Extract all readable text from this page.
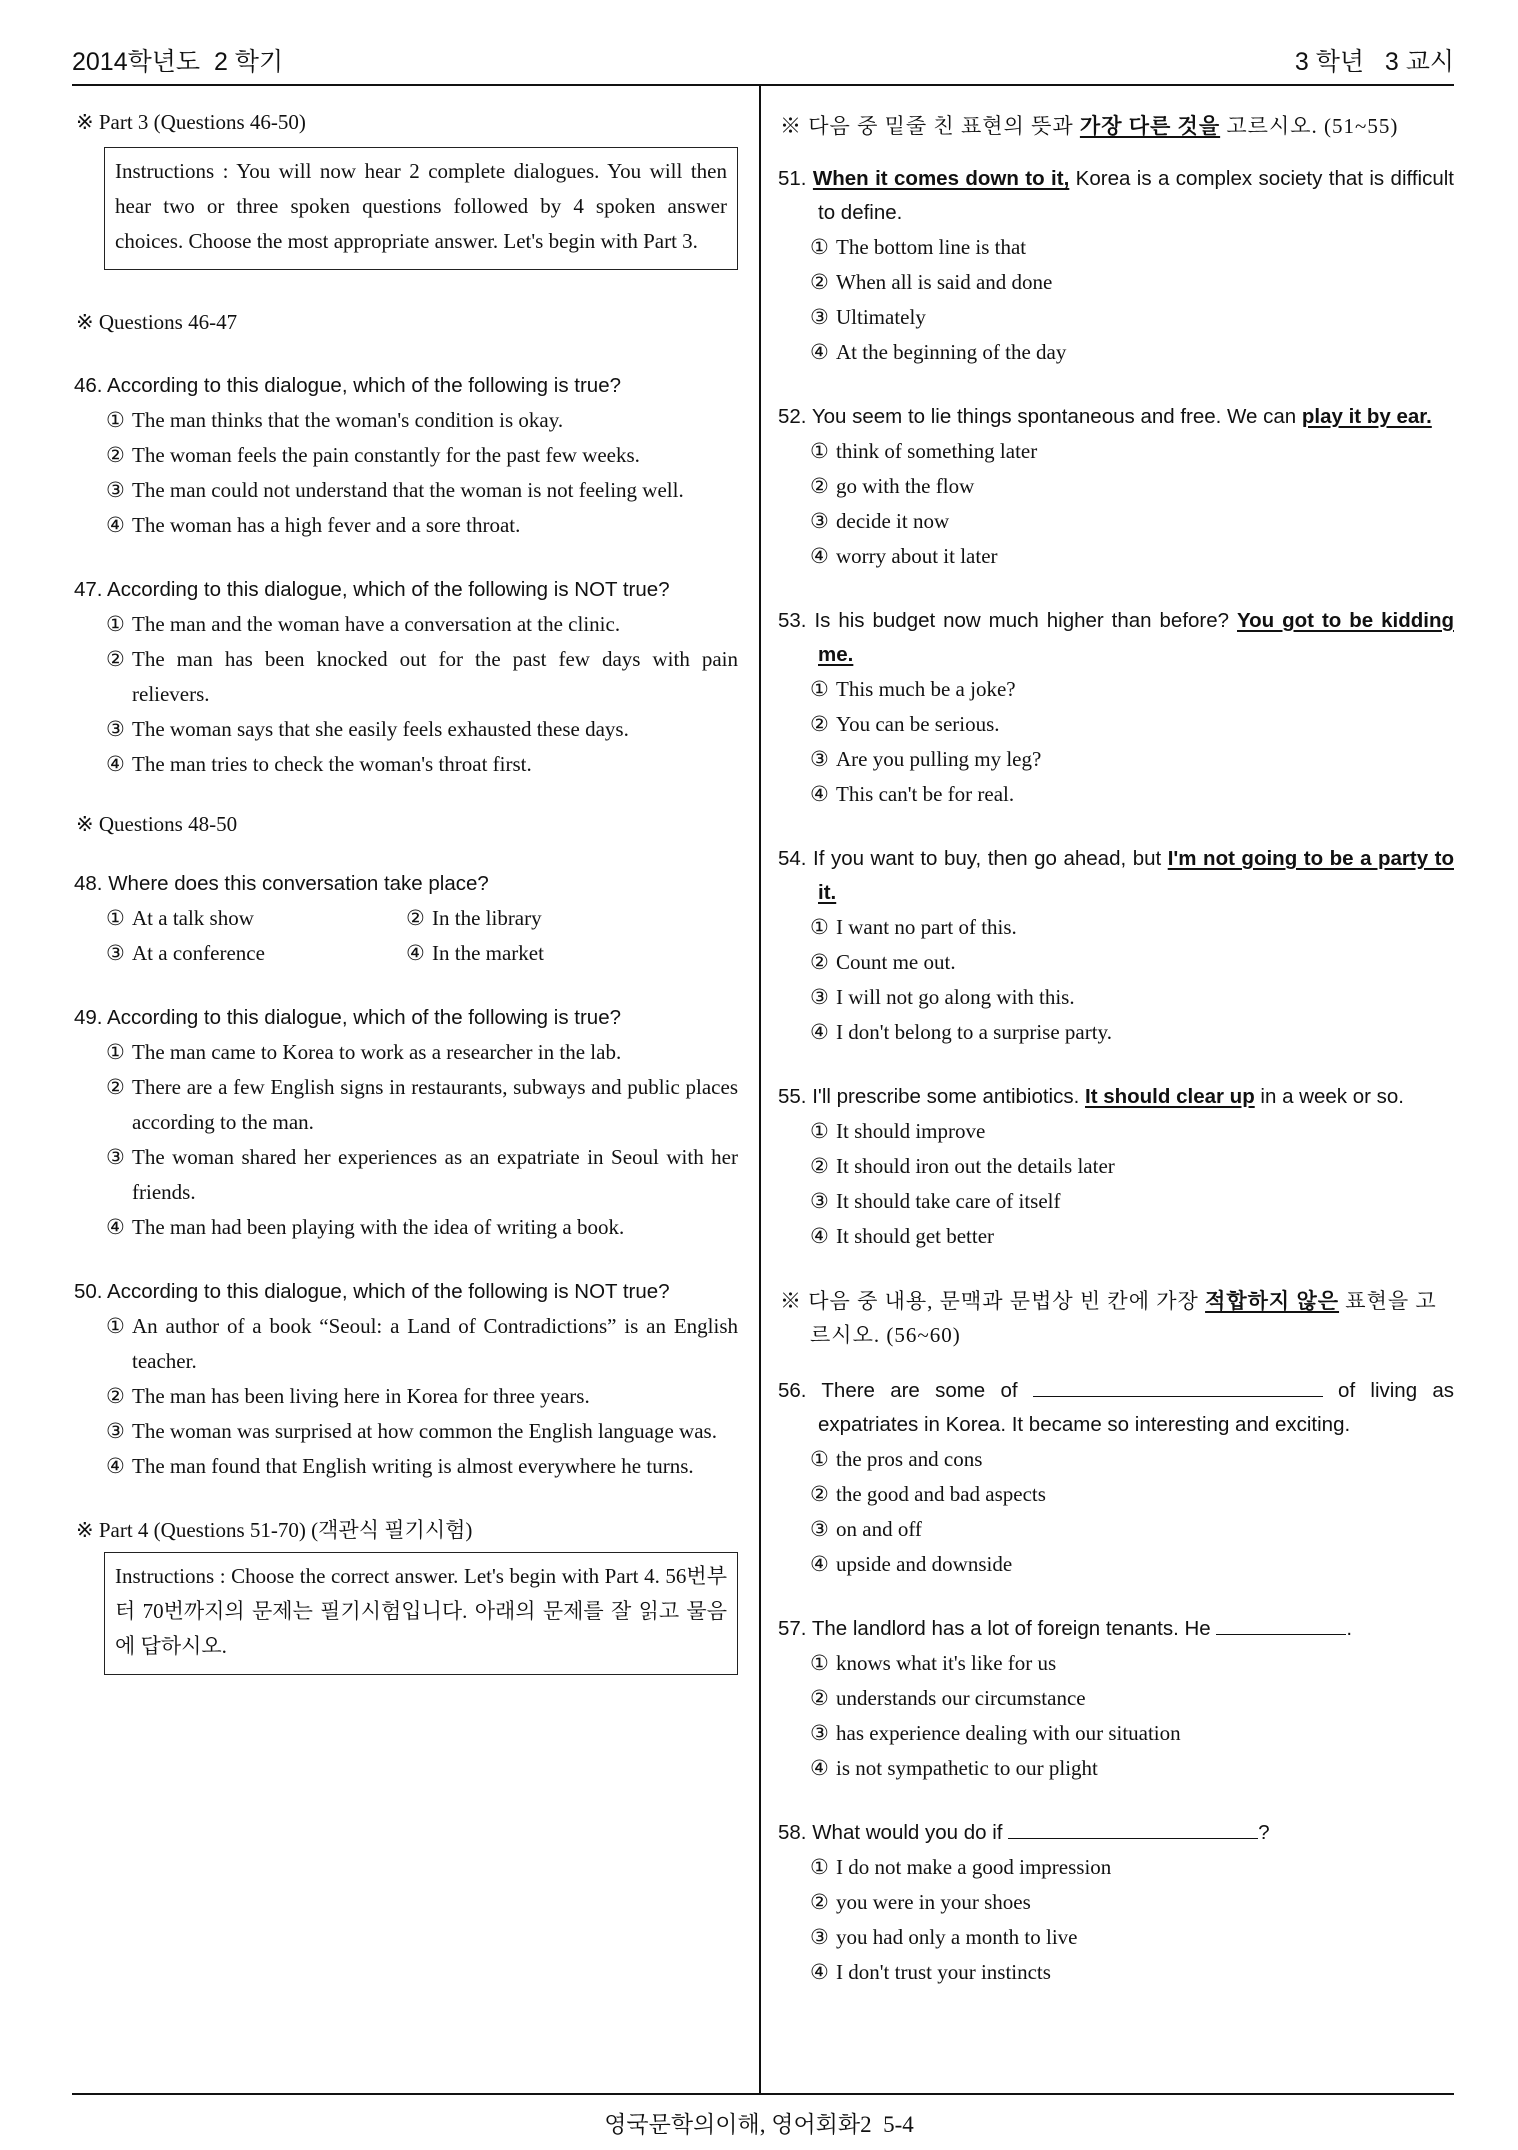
2014학년도  2 학기	3 학년   3 교시
영국문학의이해, 영어회화2  5-4
※ Part 3 (Questions 46-50)
Instructions : You will now hear 2 complete dialogues. You will then hear two or three spoken questions followed by 4 spoken answer choices. Choose the most appropriate answer. Let's begin with Part 3.
※ Questions 46-47
46. According to this dialogue, which of the following is true?
① The man thinks that the woman's condition is okay.
② The woman feels the pain constantly for the past few weeks.
③ The man could not understand that the woman is not feeling well.
④ The woman has a high fever and a sore throat.
47. According to this dialogue, which of the following is NOT true?
① The man and the woman have a conversation at the clinic.
② The man has been knocked out for the past few days with pain relievers.
③ The woman says that she easily feels exhausted these days.
④ The man tries to check the woman's throat first.
※ Questions 48-50
48. Where does this conversation take place?
① At a talk show	② In the library
③ At a conference	④ In the market
49. According to this dialogue, which of the following is true?
① The man came to Korea to work as a researcher in the lab.
② There are a few English signs in restaurants, subways and public places according to the man.
③ The woman shared her experiences as an expatriate in Seoul with her friends.
④ The man had been playing with the idea of writing a book.
50. According to this dialogue, which of the following is NOT true?
① An author of a book “Seoul: a Land of Contradictions” is an English teacher.
② The man has been living here in Korea for three years.
③ The woman was surprised at how common the English language was.
④ The man found that English writing is almost everywhere he turns.
※ Part 4 (Questions 51-70) (객관식 필기시험)
Instructions : Choose the correct answer. Let's begin with Part 4. 56번부터 70번까지의 문제는 필기시험입니다. 아래의 문제를 잘 읽고 물음에 답하시오.
※ 다음 중 밑줄 친 표현의 뜻과 가장 다른 것을 고르시오. (51~55)
51. When it comes down to it, Korea is a complex society that is difficult to define.
① The bottom line is that
② When all is said and done
③ Ultimately
④ At the beginning of the day
52. You seem to lie things spontaneous and free. We can play it by ear.
① think of something later
② go with the flow
③ decide it now
④ worry about it later
53. Is his budget now much higher than before? You got to be kidding me.
① This much be a joke?
② You can be serious.
③ Are you pulling my leg?
④ This can't be for real.
54. If you want to buy, then go ahead, but I'm not going to be a party to it.
① I want no part of this.
② Count me out.
③ I will not go along with this.
④ I don't belong to a surprise party.
55. I'll prescribe some antibiotics. It should clear up in a week or so.
① It should improve
② It should iron out the details later
③ It should take care of itself
④ It should get better
※ 다음 중 내용, 문맥과 문법상 빈 칸에 가장 적합하지 않은 표현을 고르시오. (56~60)
56. There are some of	of living as expatriates in Korea. It became so interesting and exciting.
① the pros and cons
② the good and bad aspects
③ on and off
④ upside and downside
57. The landlord has a lot of foreign tenants. He	.
① knows what it's like for us
② understands our circumstance
③ has experience dealing with our situation
④ is not sympathetic to our plight
58. What would you do if	?
① I do not make a good impression
② you were in your shoes
③ you had only a month to live
④ I don't trust your instincts
